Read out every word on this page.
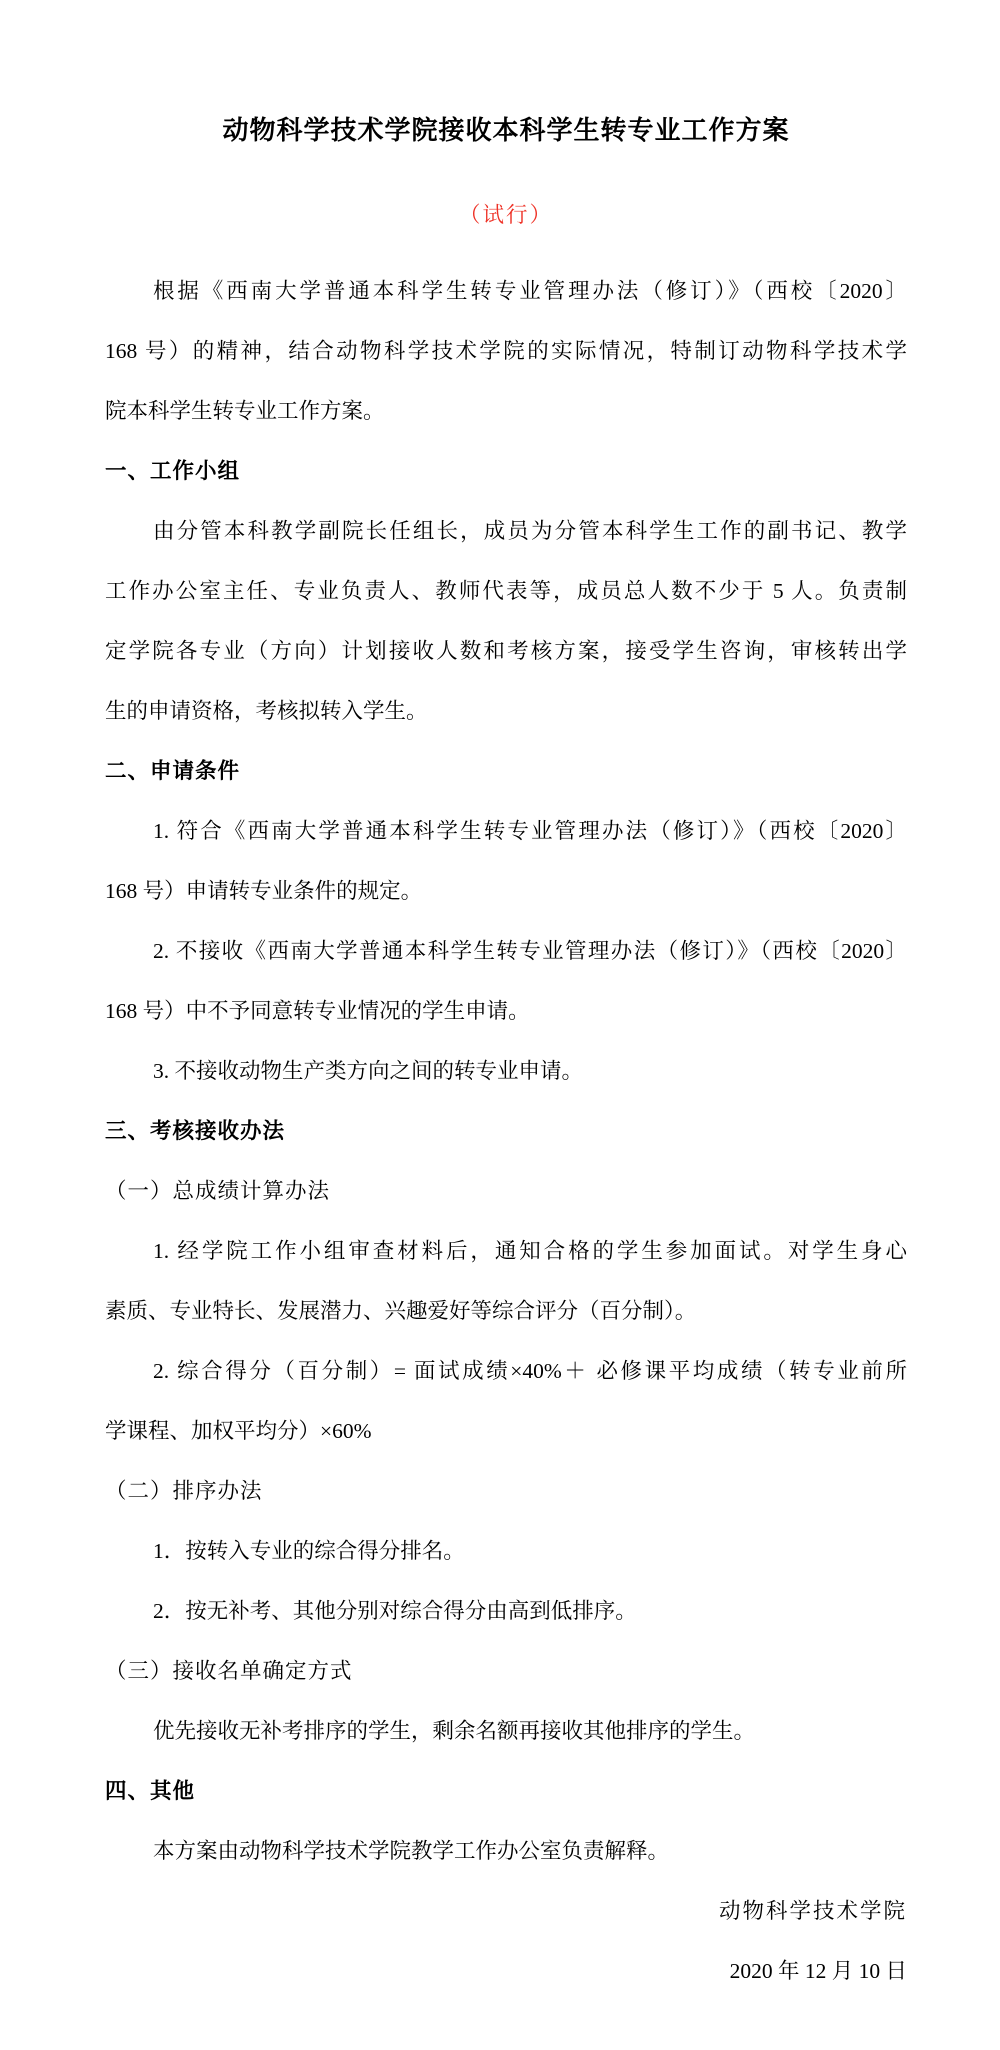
动物科学技术学院接收本科学生转专业工作方案
（试行）
根据《西南大学普通本科学生转专业管理办法（修订）》（西校〔2020〕
168 号）的精神，结合动物科学技术学院的实际情况，特制订动物科学技术学
院本科学生转专业工作方案。
一、工作小组
由分管本科教学副院长任组长，成员为分管本科学生工作的副书记、教学
工作办公室主任、专业负责人、教师代表等，成员总人数不少于 5 人。负责制
定学院各专业（方向）计划接收人数和考核方案，接受学生咨询，审核转出学
生的申请资格，考核拟转入学生。
二、申请条件
1. 符合《西南大学普通本科学生转专业管理办法（修订）》（西校〔2020〕
168 号）申请转专业条件的规定。
2. 不接收《西南大学普通本科学生转专业管理办法（修订）》（西校〔2020〕
168 号）中不予同意转专业情况的学生申请。
3. 不接收动物生产类方向之间的转专业申请。
三、考核接收办法
（一）总成绩计算办法
1. 经学院工作小组审查材料后，通知合格的学生参加面试。对学生身心
素质、专业特长、发展潜力、兴趣爱好等综合评分（百分制）。
2. 综合得分（百分制）= 面试成绩×40%＋ 必修课平均成绩（转专业前所
学课程、加权平均分）×60%
（二）排序办法
1．按转入专业的综合得分排名。
2．按无补考、其他分别对综合得分由高到低排序。
（三）接收名单确定方式
优先接收无补考排序的学生，剩余名额再接收其他排序的学生。
四、其他
本方案由动物科学技术学院教学工作办公室负责解释。
动物科学技术学院
2020 年 12 月 10 日
